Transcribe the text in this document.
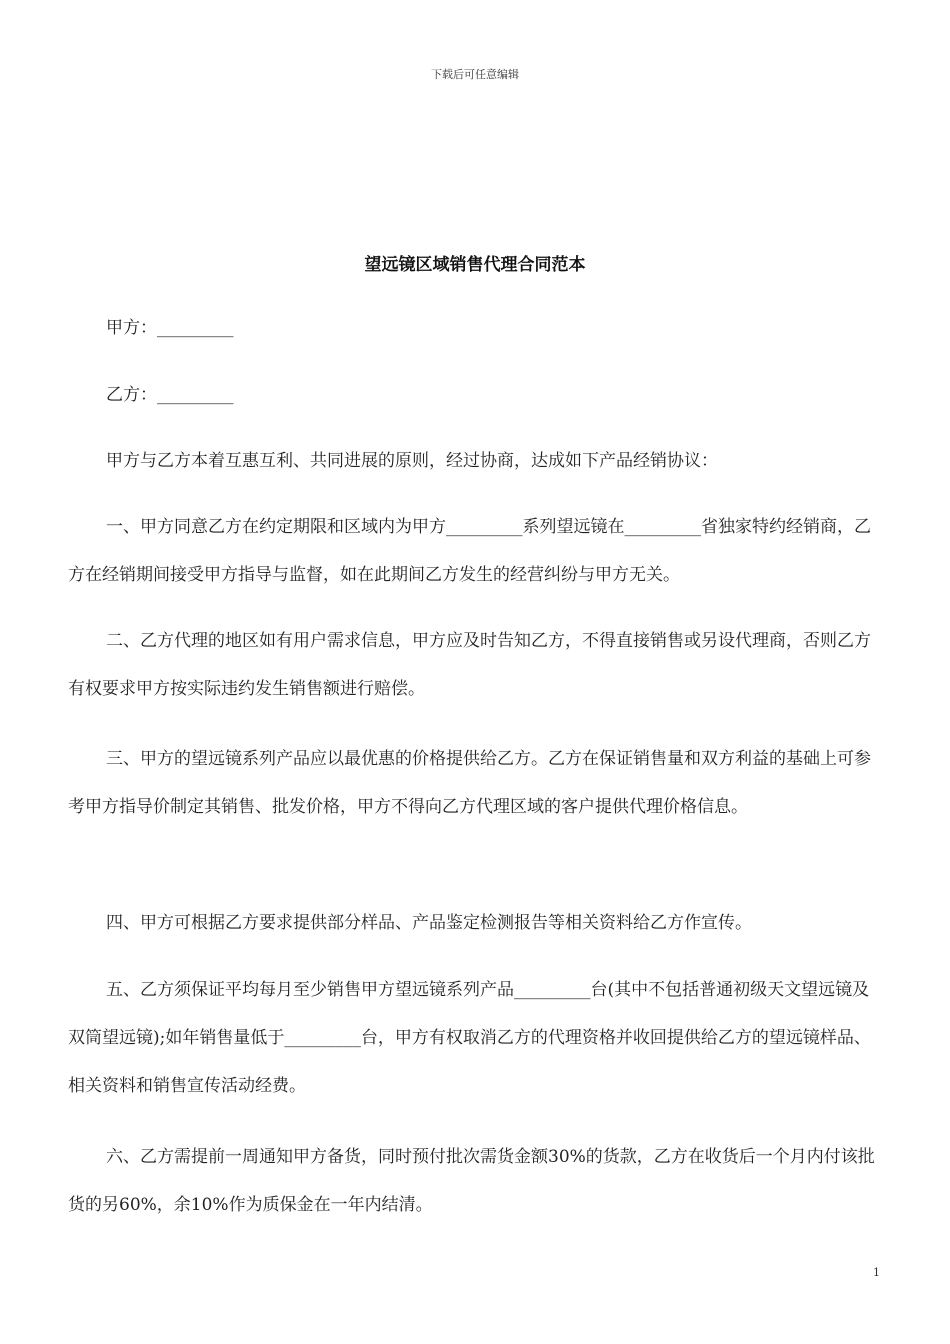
下载后可任意编辑
望远镜区域销售代理合同范本

甲方：_________

乙方：_________

甲方与乙方本着互惠互利、共同进展的原则，经过协商，达成如下产品经销协议：

一、甲方同意乙方在约定期限和区域内为甲方_________系列望远镜在_________省独家特约经销商，乙方在经销期间接受甲方指导与监督，如在此期间乙方发生的经营纠纷与甲方无关。

二、乙方代理的地区如有用户需求信息，甲方应及时告知乙方，不得直接销售或另设代理商，否则乙方有权要求甲方按实际违约发生销售额进行赔偿。

三、甲方的望远镜系列产品应以最优惠的价格提供给乙方。乙方在保证销售量和双方利益的基础上可参考甲方指导价制定其销售、批发价格，甲方不得向乙方代理区域的客户提供代理价格信息。

四、甲方可根据乙方要求提供部分样品、产品鉴定检测报告等相关资料给乙方作宣传。

五、乙方须保证平均每月至少销售甲方望远镜系列产品_________台(其中不包括普通初级天文望远镜及双筒望远镜);如年销售量低于_________台，甲方有权取消乙方的代理资格并收回提供给乙方的望远镜样品、相关资料和销售宣传活动经费。

六、乙方需提前一周通知甲方备货，同时预付批次需货金额30%的货款，乙方在收货后一个月内付该批货的另60%，余10%作为质保金在一年内结清。

1
